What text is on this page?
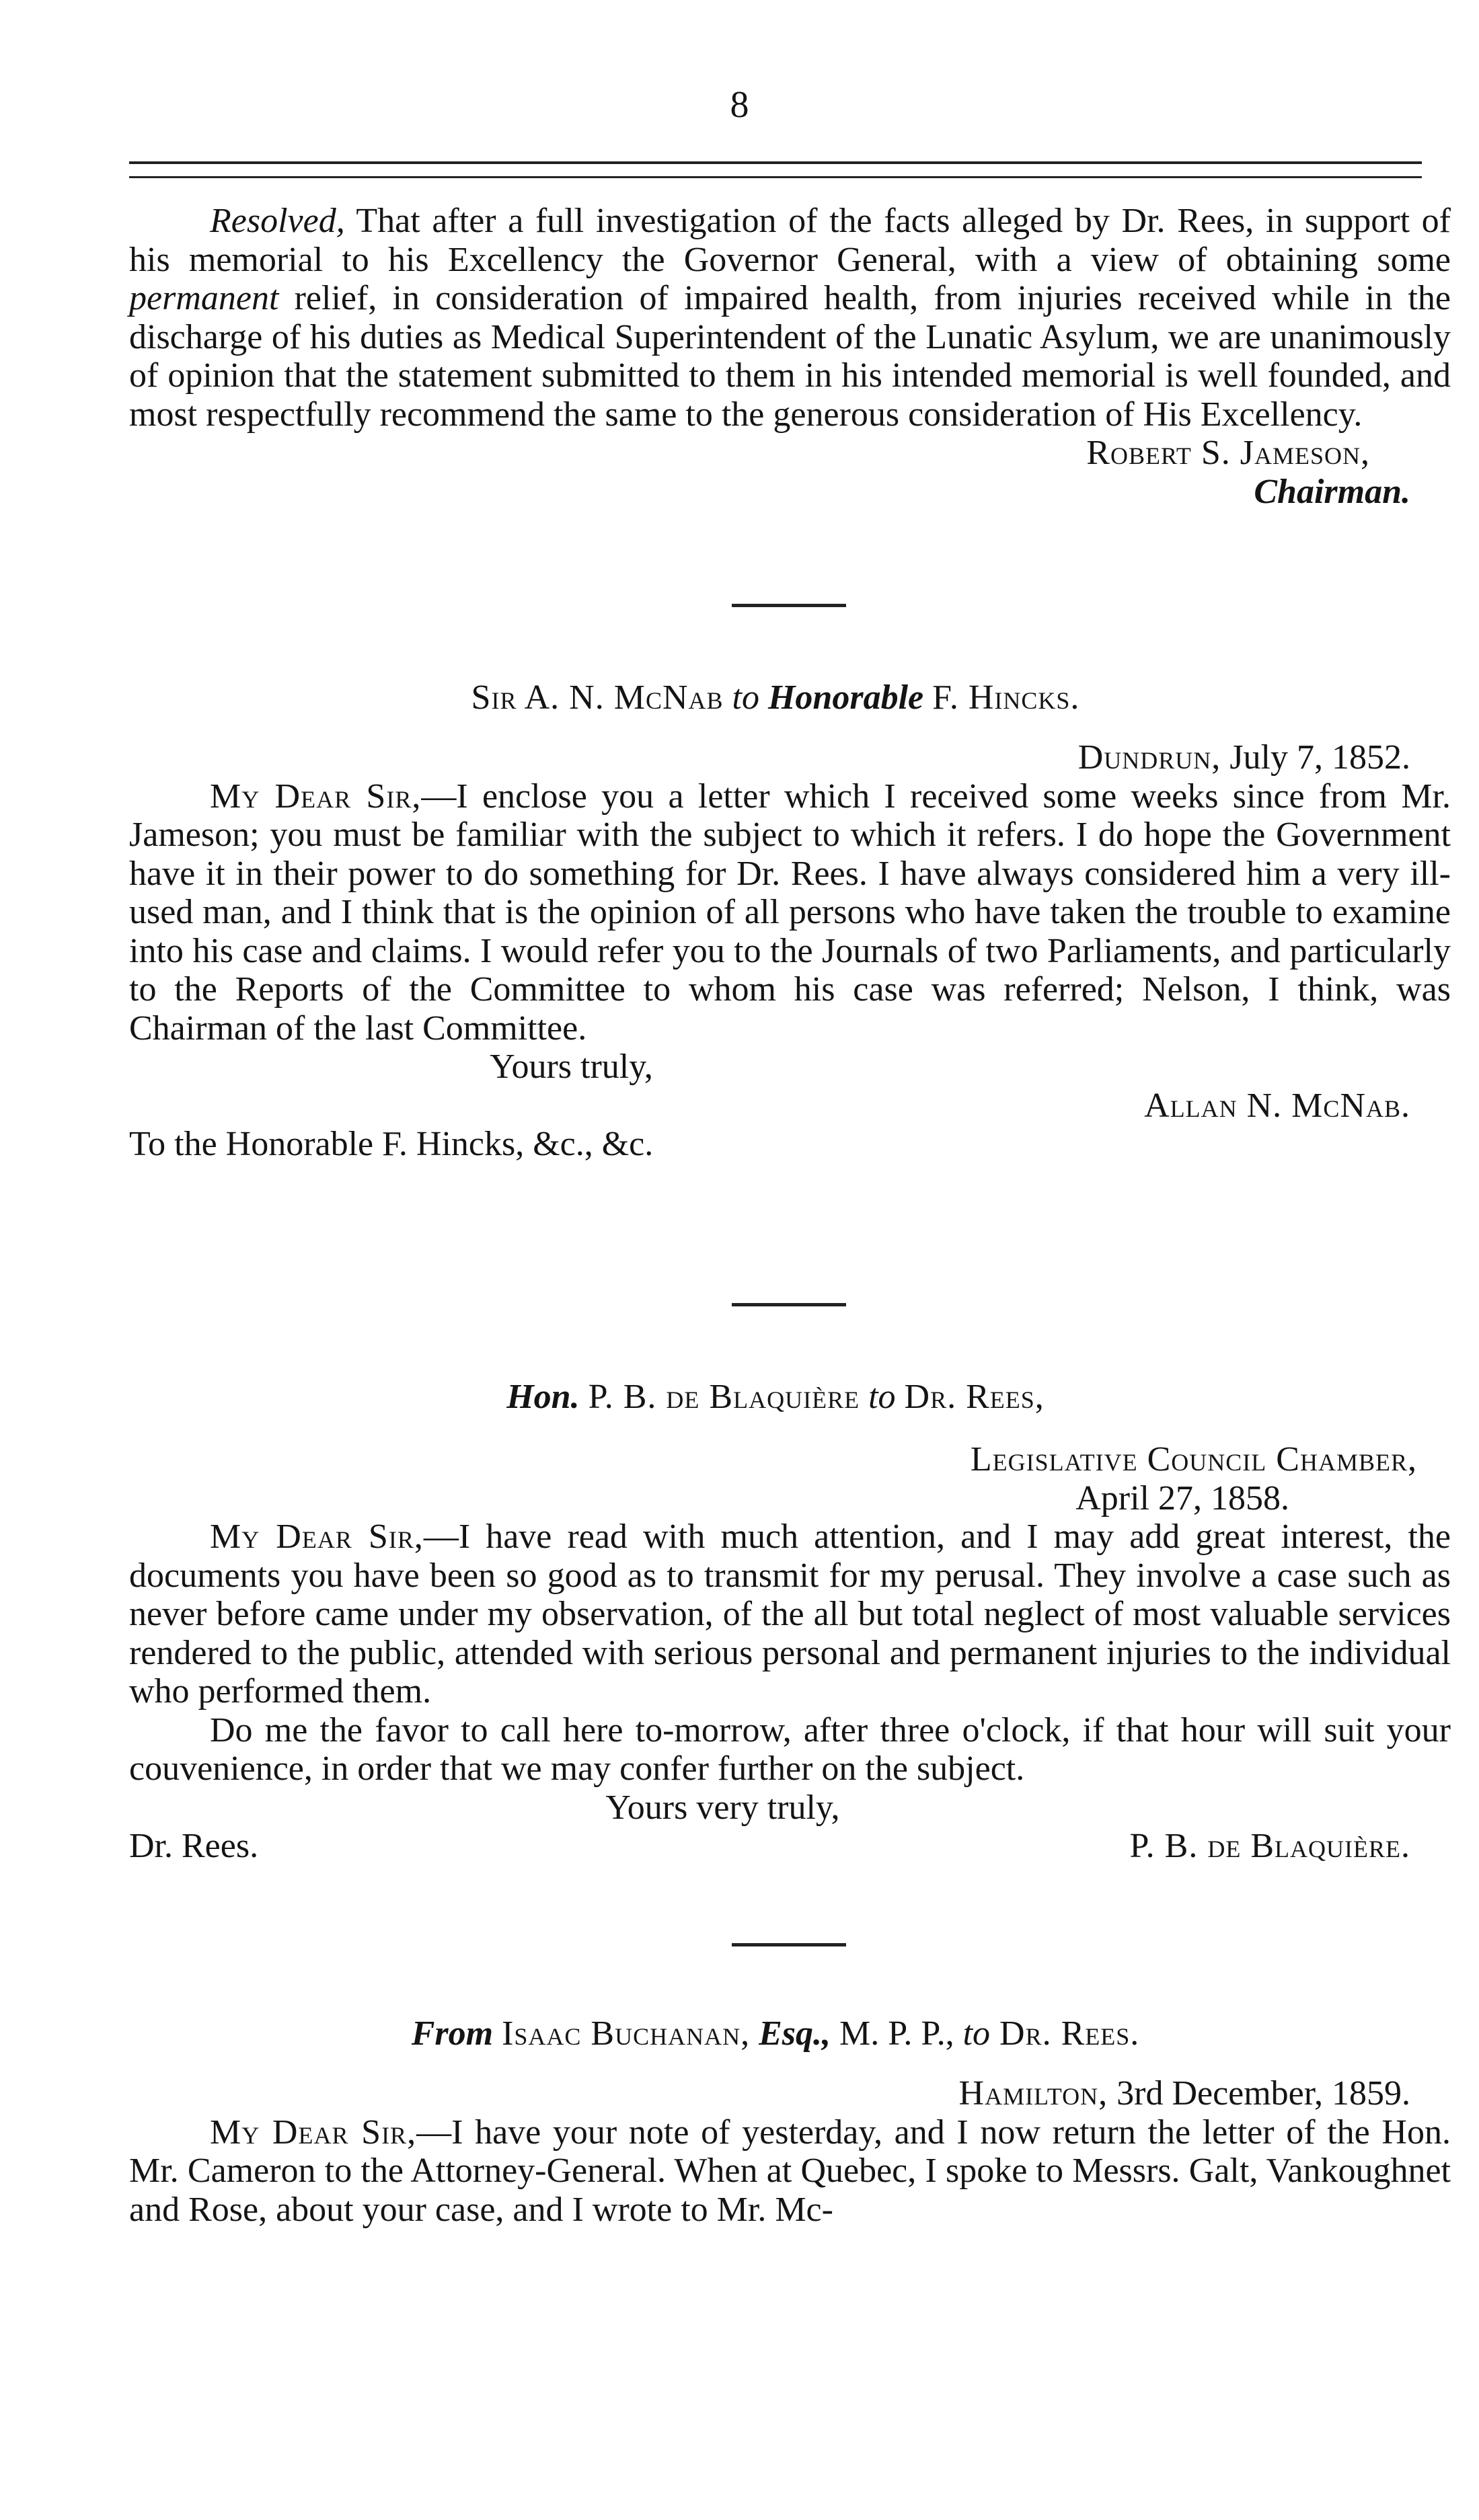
8

Resolved, That after a full investigation of the facts alleged by Dr. Rees, in support of his memorial to his Excellency the Governor General, with a view of obtaining some permanent relief, in consideration of impaired health, from injuries received while in the discharge of his duties as Medical Superintendent of the Lunatic Asylum, we are unanimously of opinion that the statement submitted to them in his intended memorial is well founded, and most respectfully recommend the same to the generous consideration of His Excellency.

Robert S. Jameson,
Chairman.
Sir A. N. McNab to Honorable F. Hincks.
Dundrun, July 7, 1852.

My Dear Sir,—I enclose you a letter which I received some weeks since from Mr. Jameson; you must be familiar with the subject to which it refers. I do hope the Government have it in their power to do something for Dr. Rees. I have always considered him a very ill-used man, and I think that is the opinion of all persons who have taken the trouble to examine into his case and claims. I would refer you to the Journals of two Parliaments, and particularly to the Reports of the Committee to whom his case was referred; Nelson, I think, was Chairman of the last Committee.

Yours truly,
Allan N. McNab.
To the Honorable F. Hincks, &c., &c.
Hon. P. B. de Blaquière to Dr. Rees,
Legislative Council Chamber,
April 27, 1858.

My Dear Sir,—I have read with much attention, and I may add great interest, the documents you have been so good as to transmit for my perusal. They involve a case such as never before came under my observation, of the all but total neglect of most valuable services rendered to the public, attended with serious personal and permanent injuries to the individual who performed them.

Do me the favor to call here to-morrow, after three o'clock, if that hour will suit your couvenience, in order that we may confer further on the subject.

Yours very truly,
Dr. Rees.	P. B. de Blaquière.
From Isaac Buchanan, Esq., M. P. P., to Dr. Rees.
Hamilton, 3rd December, 1859.

My Dear Sir,—I have your note of yesterday, and I now return the letter of the Hon. Mr. Cameron to the Attorney-General. When at Quebec, I spoke to Messrs. Galt, Vankoughnet and Rose, about your case, and I wrote to Mr. Mc-
